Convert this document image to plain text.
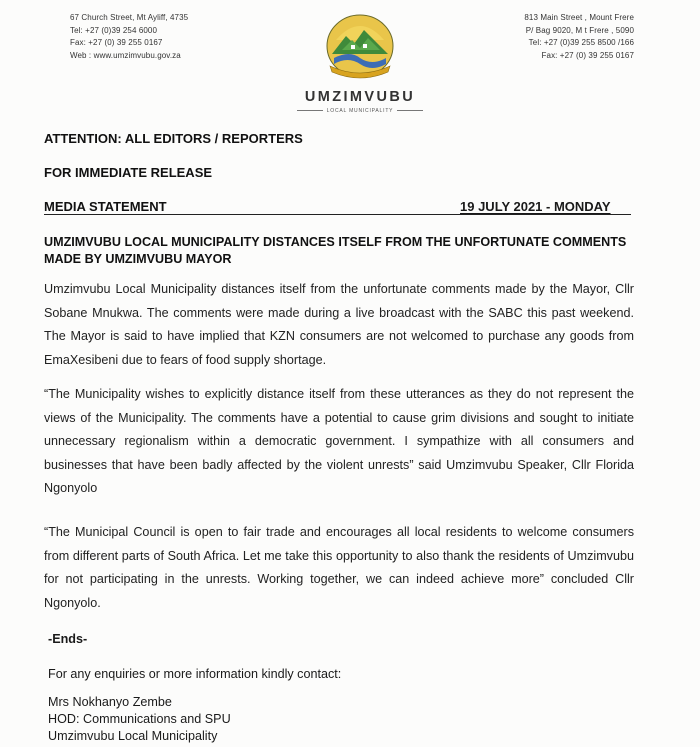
67 Church Street, Mt Ayliff, 4735
Tel: +27 (0)39 254 6000
Fax: +27 (0) 39 255 0167
Web : www.umzimvubu.gov.za
813 Main Street , Mount Frere
P/ Bag 9020, M t Frere , 5090
Tel: +27 (0)39 255 8500 /166
Fax: +27 (0) 39 255 0167
UMZIMVUBU
LOCAL MUNICIPALITY
ATTENTION: ALL EDITORS / REPORTERS
FOR IMMEDIATE RELEASE
MEDIA STATEMENT	19 JULY 2021 - MONDAY
UMZIMVUBU LOCAL MUNICIPALITY DISTANCES ITSELF FROM THE UNFORTUNATE COMMENTS MADE BY UMZIMVUBU MAYOR
Umzimvubu Local Municipality distances itself from the unfortunate comments made by the Mayor, Cllr Sobane Mnukwa. The comments were made during a live broadcast with the SABC this past weekend. The Mayor is said to have implied that KZN consumers are not welcomed to purchase any goods from EmaXesibeni due to fears of food supply shortage.
“The Municipality wishes to explicitly distance itself from these utterances as they do not represent the views of the Municipality. The comments have a potential to cause grim divisions and sought to initiate unnecessary regionalism within a democratic government. I sympathize with all consumers and businesses that have been badly affected by the violent unrests” said Umzimvubu Speaker, Cllr Florida Ngonyolo
“The Municipal Council is open to fair trade and encourages all local residents to welcome consumers from different parts of South Africa. Let me take this opportunity to also thank the residents of Umzimvubu for not participating in the unrests. Working together, we can indeed achieve more” concluded Cllr Ngonyolo.
-Ends-
For any enquiries or more information kindly contact:
Mrs Nokhanyo Zembe
HOD: Communications and SPU
Umzimvubu Local Municipality
